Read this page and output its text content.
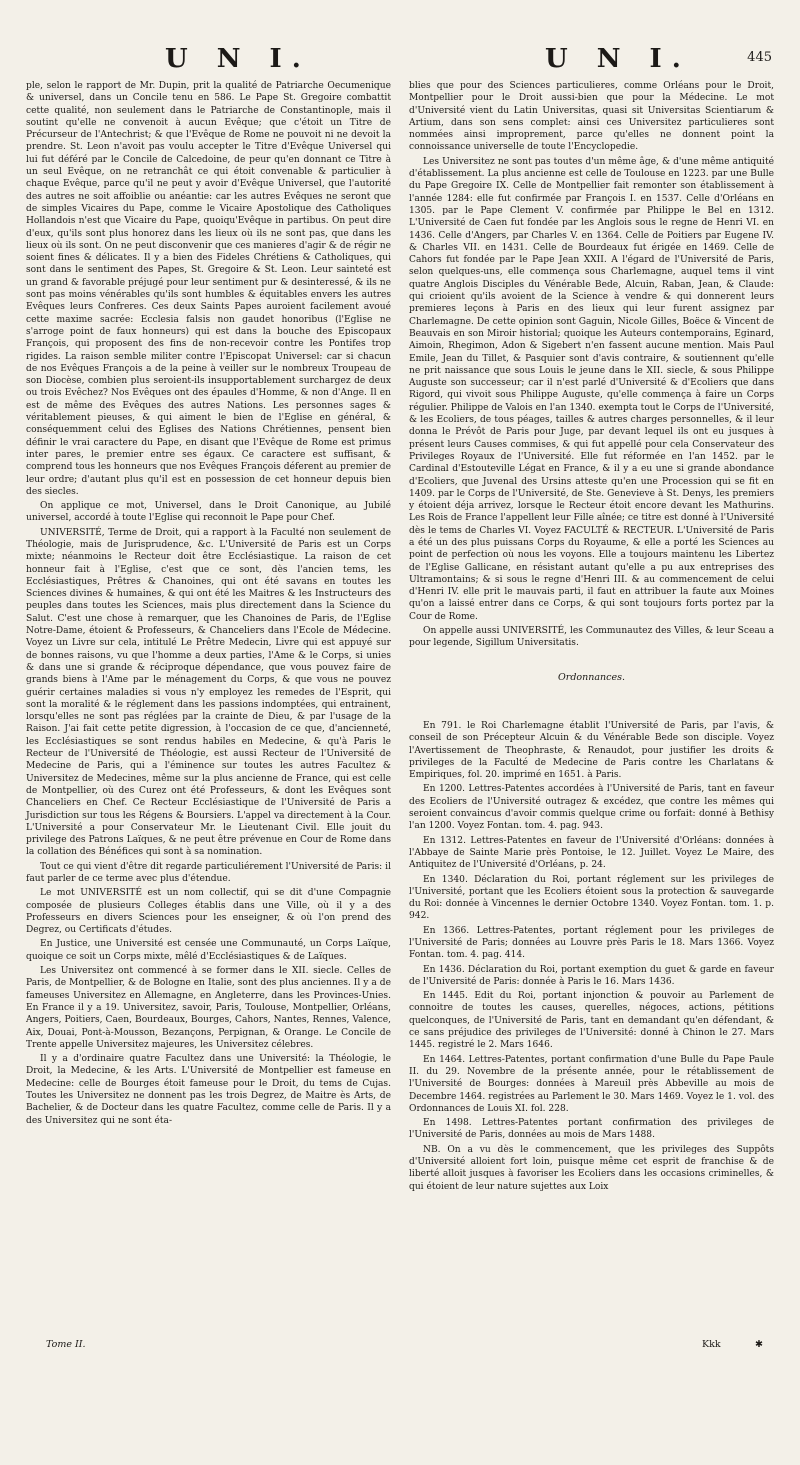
U N I.	U N I.	445

ple, selon le rapport de Mr. Dupin, prit la qualité de Patriarche Oecumenique & universel, dans un Concile tenu en 586. Le Pape St. Gregoire combattit cette qualité, non seulement dans le Patriarche de Constantinople, mais il soutint qu'elle ne convenoit à aucun Evêque; que c'étoit un Titre de Précurseur de l'Antechrist; & que l'Evêque de Rome ne pouvoit ni ne devoit la prendre. St. Leon n'avoit pas voulu accepter le Titre d'Evêque Universel qui lui fut déféré par le Concile de Calcedoine, de peur qu'en donnant ce Titre à un seul Evêque, on ne retranchât ce qui étoit convenable & particulier à chaque Evêque, parce qu'il ne peut y avoir d'Evêque Universel, que l'autorité des autres ne soit affoiblie ou anéantie: car les autres Evêques ne seront que de simples Vicaires du Pape, comme le Vicaire Apostolique des Catholiques Hollandois n'est que Vicaire du Pape, quoiqu'Evêque in partibus. On peut dire d'eux, qu'ils sont plus honorez dans les lieux où ils ne sont pas, que dans les lieux où ils sont. On ne peut disconvenir que ces manieres d'agir & de régir ne soient fines & délicates. Il y a bien des Fideles Chrétiens & Catholiques, qui sont dans le sentiment des Papes, St. Gregoire & St. Leon. Leur sainteté est un grand & favorable préjugé pour leur sentiment pur & desinteressé, & ils ne sont pas moins vénérables qu'ils sont humbles & équitables envers les autres Evêques leurs Confreres. Ces deux Saints Papes auroient facilement avoué cette maxime sacrée: Ecclesia falsis non gaudet honoribus (l'Eglise ne s'arroge point de faux honneurs) qui est dans la bouche des Episcopaux François, qui proposent des fins de non-recevoir contre les Pontifes trop rigides. La raison semble militer contre l'Episcopat Universel: car si chacun de nos Evêques François a de la peine à veiller sur le nombreux Troupeau de son Diocèse, combien plus seroient-ils insupportablement surchargez de deux ou trois Evêchez? Nos Evêques ont des épaules d'Homme, & non d'Ange. Il en est de même des Evêques des autres Nations. Les personnes sages & véritablement pieuses, & qui aiment le bien de l'Eglise en général, & conséquemment celui des Eglises des Nations Chrétiennes, pensent bien définir le vrai caractere du Pape, en disant que l'Evêque de Rome est primus inter pares, le premier entre ses égaux. Ce caractere est suffisant, & comprend tous les honneurs que nos Evêques François déferent au premier de leur ordre; d'autant plus qu'il est en possession de cet honneur depuis bien des siecles.

On applique ce mot, Universel, dans le Droit Canonique, au Jubilé universel, accordé à toute l'Eglise qui reconnoit le Pape pour Chef.

UNIVERSITÉ, Terme de Droit, qui a rapport à la Faculté non seulement de Théologie, mais de Jurisprudence, &c. L'Université de Paris est un Corps mixte; néanmoins le Recteur doit être Ecclésiastique. La raison de cet honneur fait à l'Eglise, c'est que ce sont, dès l'ancien tems, les Ecclésiastiques, Prêtres & Chanoines, qui ont été savans en toutes les Sciences divines & humaines, & qui ont été les Maitres & les Instructeurs des peuples dans toutes les Sciences, mais plus directement dans la Science du Salut. C'est une chose à remarquer, que les Chanoines de Paris, de l'Eglise Notre-Dame, étoient & Professeurs, & Chanceliers dans l'Ecole de Médecine. Voyez un Livre sur cela, intitulé Le Prêtre Medecin, Livre qui est appuyé sur de bonnes raisons, vu que l'homme a deux parties, l'Ame & le Corps, si unies & dans une si grande & réciproque dépendance, que vous pouvez faire de grands biens à l'Ame par le ménagement du Corps, & que vous ne pouvez guérir certaines maladies si vous n'y employez les remedes de l'Esprit, qui sont la moralité & le réglement dans les passions indomptées, qui entrainent, lorsqu'elles ne sont pas réglées par la crainte de Dieu, & par l'usage de la Raison. J'ai fait cette petite digression, à l'occasion de ce que, d'ancienneté, les Ecclésiastiques se sont rendus habiles en Medecine, & qu'à Paris le Recteur de l'Université de Théologie, est aussi Recteur de l'Université de Medecine de Paris, qui a l'éminence sur toutes les autres Facultez & Universitez de Medecines, même sur la plus ancienne de France, qui est celle de Montpellier, où des Curez ont été Professeurs, & dont les Evêques sont Chanceliers en Chef. Ce Recteur Ecclésiastique de l'Université de Paris a Jurisdiction sur tous les Régens & Boursiers. L'appel va directement à la Cour. L'Université a pour Conservateur Mr. le Lieutenant Civil. Elle jouit du privilege des Patrons Laïques, & ne peut être prévenue en Cour de Rome dans la collation des Bénéfices qui sont à sa nomination.

Tout ce qui vient d'être dit regarde particuliérement l'Université de Paris: il faut parler de ce terme avec plus d'étendue.

Le mot UNIVERSITÉ est un nom collectif, qui se dit d'une Compagnie composée de plusieurs Colleges établis dans une Ville, où il y a des Professeurs en divers Sciences pour les enseigner, & où l'on prend des Degrez, ou Certificats d'études.

En Justice, une Université est censée une Communauté, un Corps Laïque, quoique ce soit un Corps mixte, mêlé d'Ecclésiastiques & de Laïques.

Les Universitez ont commencé à se former dans le XII. siecle. Celles de Paris, de Montpellier, & de Bologne en Italie, sont des plus anciennes. Il y a de fameuses Universitez en Allemagne, en Angleterre, dans les Provinces-Unies. En France il y a 19. Universitez, savoir, Paris, Toulouse, Montpellier, Orléans, Angers, Poitiers, Caen, Bourdeaux, Bourges, Cahors, Nantes, Rennes, Valence, Aix, Douai, Pont-à-Mousson, Bezançons, Perpignan, & Orange. Le Concile de Trente appelle Universitez majeures, les Universitez célebres.

Il y a d'ordinaire quatre Facultez dans une Université: la Théologie, le Droit, la Medecine, & les Arts. L'Université de Montpellier est fameuse en Medecine: celle de Bourges étoit fameuse pour le Droit, du tems de Cujas. Toutes les Universitez ne donnent pas les trois Degrez, de Maitre ès Arts, de Bachelier, & de Docteur dans les quatre Facultez, comme celle de Paris. Il y a des Universitez qui ne sont éta-

blies que pour des Sciences particulieres, comme Orléans pour le Droit, Montpellier pour le Droit aussi-bien que pour la Médecine. Le mot d'Université vient du Latin Universitas, quasi sit Universitas Scientiarum & Artium, dans son sens complet: ainsi ces Universitez particulieres sont nommées ainsi improprement, parce qu'elles ne donnent point la connoissance universelle de toute l'Encyclopedie.

Les Universitez ne sont pas toutes d'un même âge, & d'une même antiquité d'établissement. La plus ancienne est celle de Toulouse en 1223. par une Bulle du Pape Gregoire IX. Celle de Montpellier fait remonter son établissement à l'année 1284: elle fut confirmée par François I. en 1537. Celle d'Orléans en 1305. par le Pape Clement V. confirmée par Philippe le Bel en 1312. L'Université de Caen fut fondée par les Anglois sous le regne de Henri VI. en 1436. Celle d'Angers, par Charles V. en 1364. Celle de Poitiers par Eugene IV. & Charles VII. en 1431. Celle de Bourdeaux fut érigée en 1469. Celle de Cahors fut fondée par le Pape Jean XXII. A l'égard de l'Université de Paris, selon quelques-uns, elle commença sous Charlemagne, auquel tems il vint quatre Anglois Disciples du Vénérable Bede, Alcuin, Raban, Jean, & Claude: qui crioient qu'ils avoient de la Science à vendre & qui donnerent leurs premieres leçons à Paris en des lieux qui leur furent assignez par Charlemagne. De cette opinion sont Gaguin, Nicole Gilles, Boëce & Vincent de Beauvais en son Miroir historial; quoique les Auteurs contemporains, Eginard, Aimoin, Rhegimon, Adon & Sigebert n'en fassent aucune mention. Mais Paul Emile, Jean du Tillet, & Pasquier sont d'avis contraire, & soutiennent qu'elle ne prit naissance que sous Louis le jeune dans le XII. siecle, & sous Philippe Auguste son successeur; car il n'est parlé d'Université & d'Ecoliers que dans Rigord, qui vivoit sous Philippe Auguste, qu'elle commença à faire un Corps régulier. Philippe de Valois en l'an 1340. exempta tout le Corps de l'Université, & les Ecoliers, de tous péages, tailles & autres charges personnelles, & il leur donna le Prévôt de Paris pour Juge, par devant lequel ils ont eu jusques à présent leurs Causes commises, & qui fut appellé pour cela Conservateur des Privileges Royaux de l'Université. Elle fut réformée en l'an 1452. par le Cardinal d'Estouteville Légat en France, & il y a eu une si grande abondance d'Ecoliers, que Juvenal des Ursins atteste qu'en une Procession qui se fit en 1409. par le Corps de l'Université, de Ste. Genevieve à St. Denys, les premiers y étoient déja arrivez, lorsque le Recteur étoit encore devant les Mathurins. Les Rois de France l'appellent leur Fille aînée; ce titre est donné à l'Université dès le tems de Charles VI. Voyez FACULTÉ & RECTEUR. L'Université de Paris a été un des plus puissans Corps du Royaume, & elle a porté les Sciences au point de perfection où nous les voyons. Elle a toujours maintenu les Libertez de l'Eglise Gallicane, en résistant autant qu'elle a pu aux entreprises des Ultramontains; & si sous le regne d'Henri III. & au commencement de celui d'Henri IV. elle prit le mauvais parti, il faut en attribuer la faute aux Moines qu'on a laissé entrer dans ce Corps, & qui sont toujours forts portez par la Cour de Rome.

On appelle aussi UNIVERSITÉ, les Communautez des Villes, & leur Sceau a pour legende, Sigillum Universitatis.

Ordonnances.

En 791. le Roi Charlemagne établit l'Université de Paris, par l'avis, & conseil de son Précepteur Alcuin & du Vénérable Bede son disciple. Voyez l'Avertissement de Theophraste, & Renaudot, pour justifier les droits & privileges de la Faculté de Medecine de Paris contre les Charlatans & Empiriques, fol. 20. imprimé en 1651. à Paris.

En 1200. Lettres-Patentes accordées à l'Université de Paris, tant en faveur des Ecoliers de l'Université outragez & excédez, que contre les mêmes qui seroient convaincus d'avoir commis quelque crime ou forfait: donné à Bethisy l'an 1200. Voyez Fontan. tom. 4. pag. 943.

En 1312. Lettres-Patentes en faveur de l'Université d'Orléans: données à l'Abbaye de Sainte Marie près Pontoise, le 12. Juillet. Voyez Le Maire, des Antiquitez de l'Université d'Orléans, p. 24.

En 1340. Déclaration du Roi, portant réglement sur les privileges de l'Université, portant que les Ecoliers étoient sous la protection & sauvegarde du Roi: donnée à Vincennes le dernier Octobre 1340. Voyez Fontan. tom. 1. p. 942.

En 1366. Lettres-Patentes, portant réglement pour les privileges de l'Université de Paris; données au Louvre près Paris le 18. Mars 1366. Voyez Fontan. tom. 4. pag. 414.

En 1436. Déclaration du Roi, portant exemption du guet & garde en faveur de l'Université de Paris: donnée à Paris le 16. Mars 1436.

En 1445. Edit du Roi, portant injonction & pouvoir au Parlement de connoitre de toutes les causes, querelles, négoces, actions, pétitions quelconques, de l'Université de Paris, tant en demandant qu'en défendant, & ce sans préjudice des privileges de l'Université: donné à Chinon le 27. Mars 1445. registré le 2. Mars 1646.

En 1464. Lettres-Patentes, portant confirmation d'une Bulle du Pape Paule II. du 29. Novembre de la présente année, pour le rétablissement de l'Université de Bourges: données à Mareuil près Abbeville au mois de Decembre 1464. registrées au Parlement le 30. Mars 1469. Voyez le 1. vol. des Ordonnances de Louis XI. fol. 228.

En 1498. Lettres-Patentes portant confirmation des privileges de l'Université de Paris, données au mois de Mars 1488.

NB. On a vu dès le commencement, que les privileges des Suppôts d'Université alloient fort loin, puisque même cet esprit de franchise & de liberté alloit jusques à favoriser les Ecoliers dans les occasions criminelles, & qui étoient de leur nature sujettes aux Loix

Tome II.	Kkk	✱
